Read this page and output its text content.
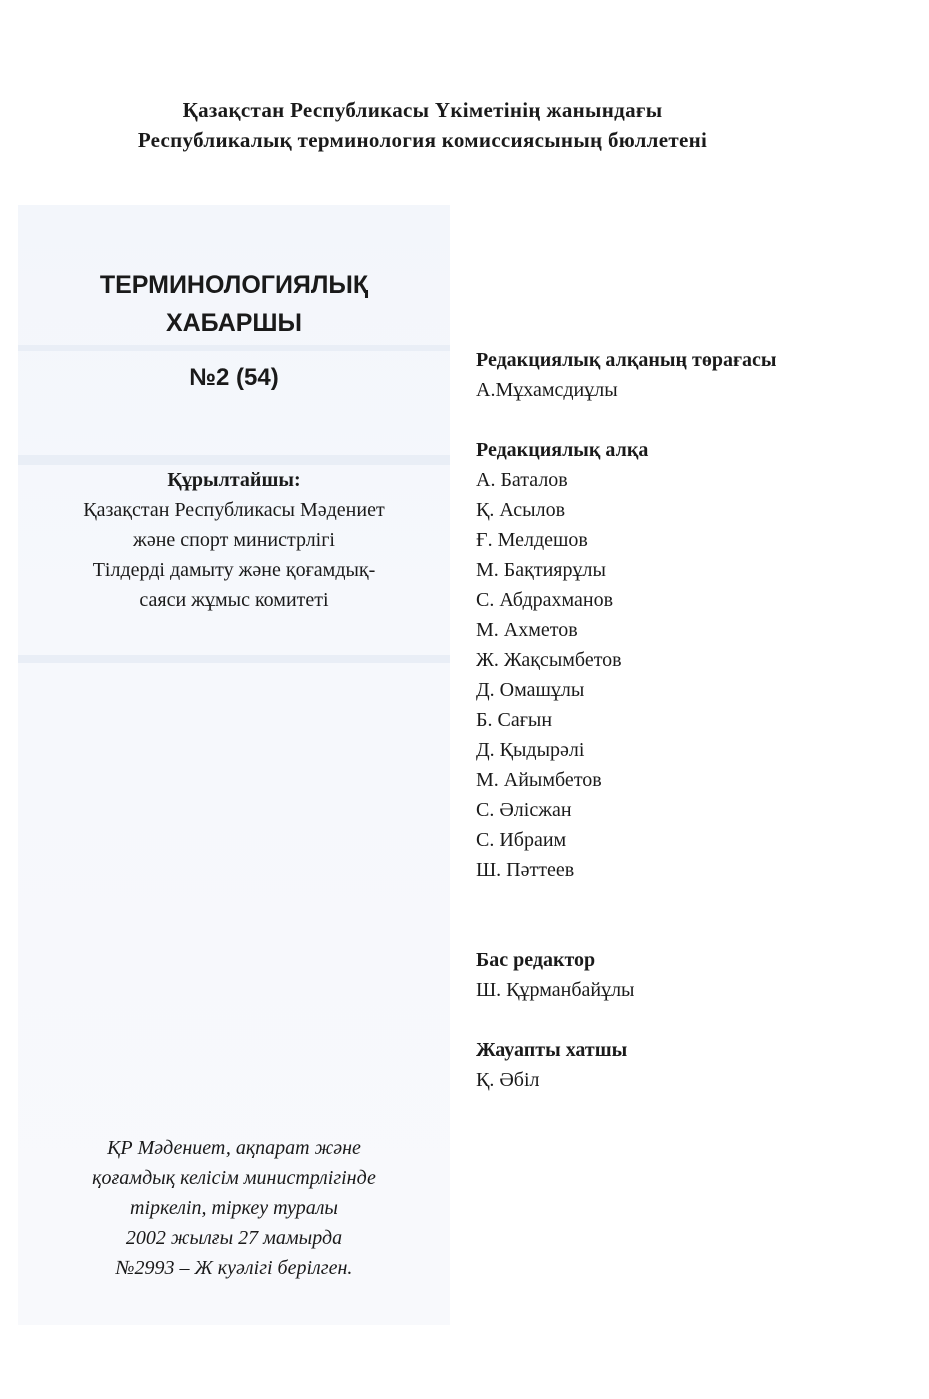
Қазақстан Республикасы Үкіметінің жанындағы
Республикалық терминология комиссиясының бюллетені
ТЕРМИНОЛОГИЯЛЫҚ
ХАБАРШЫ
№2 (54)
Құрылтайшы:
Қазақстан Республикасы Мәдениет
және спорт министрлігі
Тілдерді дамыту және қоғамдық-
саяси жұмыс комитеті
ҚР Мәдениет, ақпарат және
қоғамдық келісім министрлігінде
тіркеліп, тіркеу туралы
2002 жылғы 27 мамырда
№2993 – Ж куәлігі берілген.
Редакциялық алқаның төрағасы
А.Мұхамсдиұлы
Редакциялық алқа
А. Баталов
Қ. Асылов
Ғ. Мелдешов
М. Бақтиярұлы
С. Абдрахманов
М. Ахметов
Ж. Жақсымбетов
Д. Омашұлы
Б. Сағын
Д. Қыдырәлі
М. Айымбетов
С. Әлісжан
С. Ибраим
Ш. Пәттеев
Бас редактор
Ш. Құрманбайұлы
Жауапты хатшы
Қ. Әбіл
